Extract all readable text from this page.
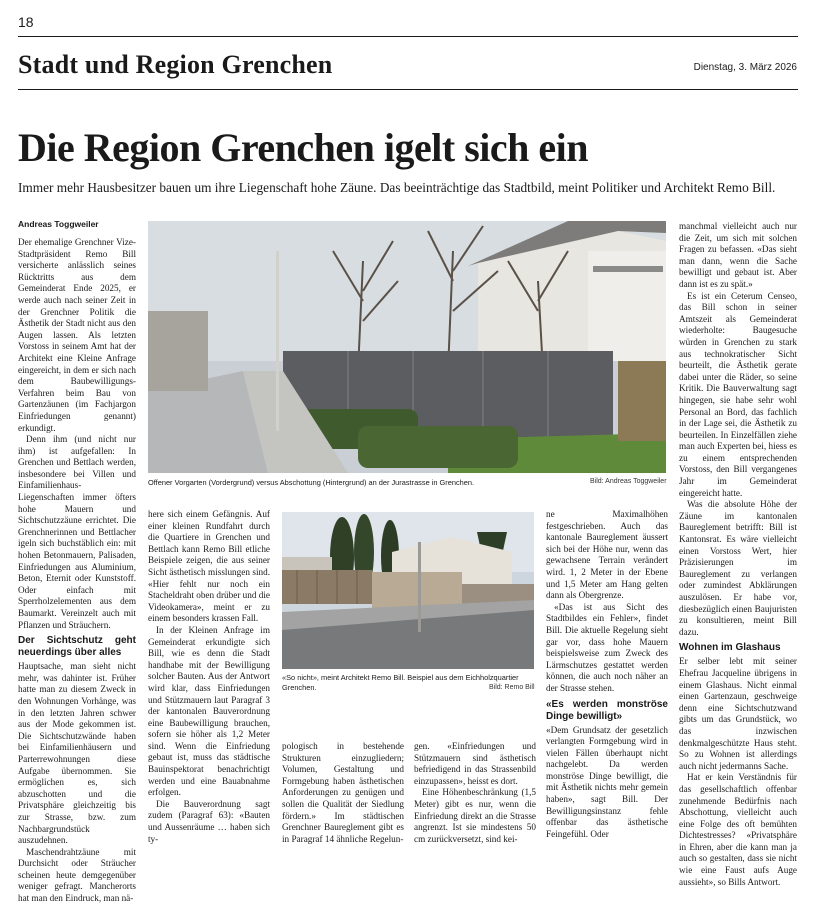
18
Stadt und Region Grenchen	Dienstag, 3. März 2026
Die Region Grenchen igelt sich ein
Immer mehr Hausbesitzer bauen um ihre Liegenschaft hohe Zäune. Das beeinträchtige das Stadtbild, meint Politiker und Architekt Remo Bill.
Andreas Toggweiler

Der ehemalige Grenchner Vize-Stadtpräsident Remo Bill versicherte anlässlich seines Rücktritts aus dem Gemeinderat Ende 2025, er werde auch nach seiner Zeit in der Grenchner Politik die Ästhetik der Stadt nicht aus den Augen lassen. Als letzten Vorstoss in seinem Amt hat der Architekt eine Kleine Anfrage eingereicht, in dem er sich nach dem Baubewilligungs-Verfahren beim Bau von Gartenzäunen (im Fachjargon Einfriedungen genannt) erkundigt.

Denn ihm (und nicht nur ihm) ist aufgefallen: In Grenchen und Bettlach werden, insbesondere bei Villen und Einfamilienhaus-Liegenschaften immer öfters hohe Mauern und Sichtschutzzäune errichtet. Die Grenchnerinnen und Bettlacher igeln sich buchstäblich ein: mit hohen Betonmauern, Palisaden, Einfriedungen aus Aluminium, Beton, Eternit oder Kunststoff. Oder einfach mit Sperrholzelementen aus dem Baumarkt. Vereinzelt auch mit Pflanzen und Sträuchern.

Der Sichtschutz geht neuerdings über alles

Hauptsache, man sieht nicht mehr, was dahinter ist. Früher hatte man zu diesem Zweck in den Wohnungen Vorhänge, was in den letzten Jahren schwer aus der Mode gekommen ist. Die Sichtschutzwände haben bei Einfamilienhäusern und Parterrewohnungen diese Aufgabe übernommen. Sie ermöglichen es, sich abzuschotten und die Privatsphäre gleichzeitig bis zur Strasse, bzw. zum Nachbargrundstück auszudehnen.

Maschendrahtzäune mit Durchsicht oder Sträucher scheinen heute demgegenüber weniger gefragt. Mancherorts hat man den Eindruck, man nä-

Offener Vorgarten (Vordergrund) versus Abschottung (Hintergrund) an der Jurastrasse in Grenchen.	Bild: Andreas Toggweiler

here sich einem Gefängnis. Auf einer kleinen Rundfahrt durch die Quartiere in Grenchen und Bettlach kann Remo Bill etliche Beispiele zeigen, die aus seiner Sicht ästhetisch misslungen sind. «Hier fehlt nur noch ein Stacheldraht oben drüber und die Videokamera», meint er zu einem besonders krassen Fall.

In der Kleinen Anfrage im Gemeinderat erkundigte sich Bill, wie es denn die Stadt handhabe mit der Bewilligung solcher Bauten. Aus der Antwort wird klar, dass Einfriedungen und Stützmauern laut Paragraf 3 der kantonalen Bauverordnung eine Baubewilligung brauchen, sofern sie höher als 1,2 Meter sind. Wenn die Einfriedung gebaut ist, muss das städtische Bauinspektorat benachrichtigt werden und eine Bauabnahme erfolgen.

Die Bauverordnung sagt zudem (Paragraf 63): «Bauten und Aussenräume … haben sich ty-

«So nicht», meint Architekt Remo Bill. Beispiel aus dem Eichholzquartier Grenchen.	Bild: Remo Bill

pologisch in bestehende Strukturen einzugliedern; Volumen, Gestaltung und Formgebung haben ästhetischen Anforderungen zu genügen und sollen die Qualität der Siedlung fördern.» Im städtischen Grenchner Baureglement gibt es in Paragraf 14 ähnliche Regelun-

gen. «Einfriedungen und Stützmauern sind ästhetisch befriedigend in das Strassenbild einzupassen», heisst es dort.

Eine Höhenbeschränkung (1,5 Meter) gibt es nur, wenn die Einfriedung direkt an die Strasse angrenzt. Ist sie mindestens 50 cm zurückversetzt, sind kei-

ne Maximalhöhen festgeschrieben. Auch das kantonale Baureglement äussert sich bei der Höhe nur, wenn das gewachsene Terrain verändert wird. 1, 2 Meter in der Ebene und 1,5 Meter am Hang gelten dann als Obergrenze.

«Das ist aus Sicht des Stadtbildes ein Fehler», findet Bill. Die aktuelle Regelung sieht gar vor, dass hohe Mauern beispielsweise zum Zweck des Lärmschutzes gestattet werden können, die auch noch näher an der Strasse stehen.

«Es werden monströse Dinge bewilligt»

«Dem Grundsatz der gesetzlich verlangten Formgebung wird in vielen Fällen überhaupt nicht nachgelebt. Da werden monströse Dinge bewilligt, die mit Ästhetik nichts mehr gemein haben», sagt Bill. Der Bewilligungsinstanz fehle offenbar das ästhetische Feingefühl. Oder

manchmal vielleicht auch nur die Zeit, um sich mit solchen Fragen zu befassen. «Das sieht man dann, wenn die Sache bewilligt und gebaut ist. Aber dann ist es zu spät.»

Es ist ein Ceterum Censeo, das Bill schon in seiner Amtszeit als Gemeinderat wiederholte: Baugesuche würden in Grenchen zu stark aus technokratischer Sicht beurteilt, die Ästhetik gerate dabei unter die Räder, so seine Kritik. Die Bauverwaltung sagt hingegen, sie habe sehr wohl Personal an Bord, das fachlich in der Lage sei, die Ästhetik zu beurteilen. In Einzelfällen ziehe man auch Experten bei, hiess es zu einem entsprechenden Vorstoss, den Bill vergangenes Jahr im Gemeinderat eingereicht hatte.

Was die absolute Höhe der Zäune im kantonalen Baureglement betrifft: Bill ist Kantonsrat. Es wäre vielleicht einen Vorstoss Wert, hier Präzisierungen im Baureglement zu verlangen oder zumindest Abklärungen auszulösen. Er habe vor, diesbezüglich einen Baujuristen zu konsultieren, meint Bill dazu.

Wohnen im Glashaus

Er selber lebt mit seiner Ehefrau Jacqueline übrigens in einem Glashaus. Nicht einmal einen Gartenzaun, geschweige denn eine Sichtschutzwand gibts um das Grundstück, wo das inzwischen denkmalgeschützte Haus steht. So zu Wohnen ist allerdings auch nicht jedermanns Sache.

Hat er kein Verständnis für das gesellschaftlich offenbar zunehmende Bedürfnis nach Abschottung, vielleicht auch eine Folge des oft bemühten Dichtestresses? «Privatsphäre in Ehren, aber die kann man ja auch so gestalten, dass sie nicht wie eine Faust aufs Auge aussieht», so Bills Antwort.
